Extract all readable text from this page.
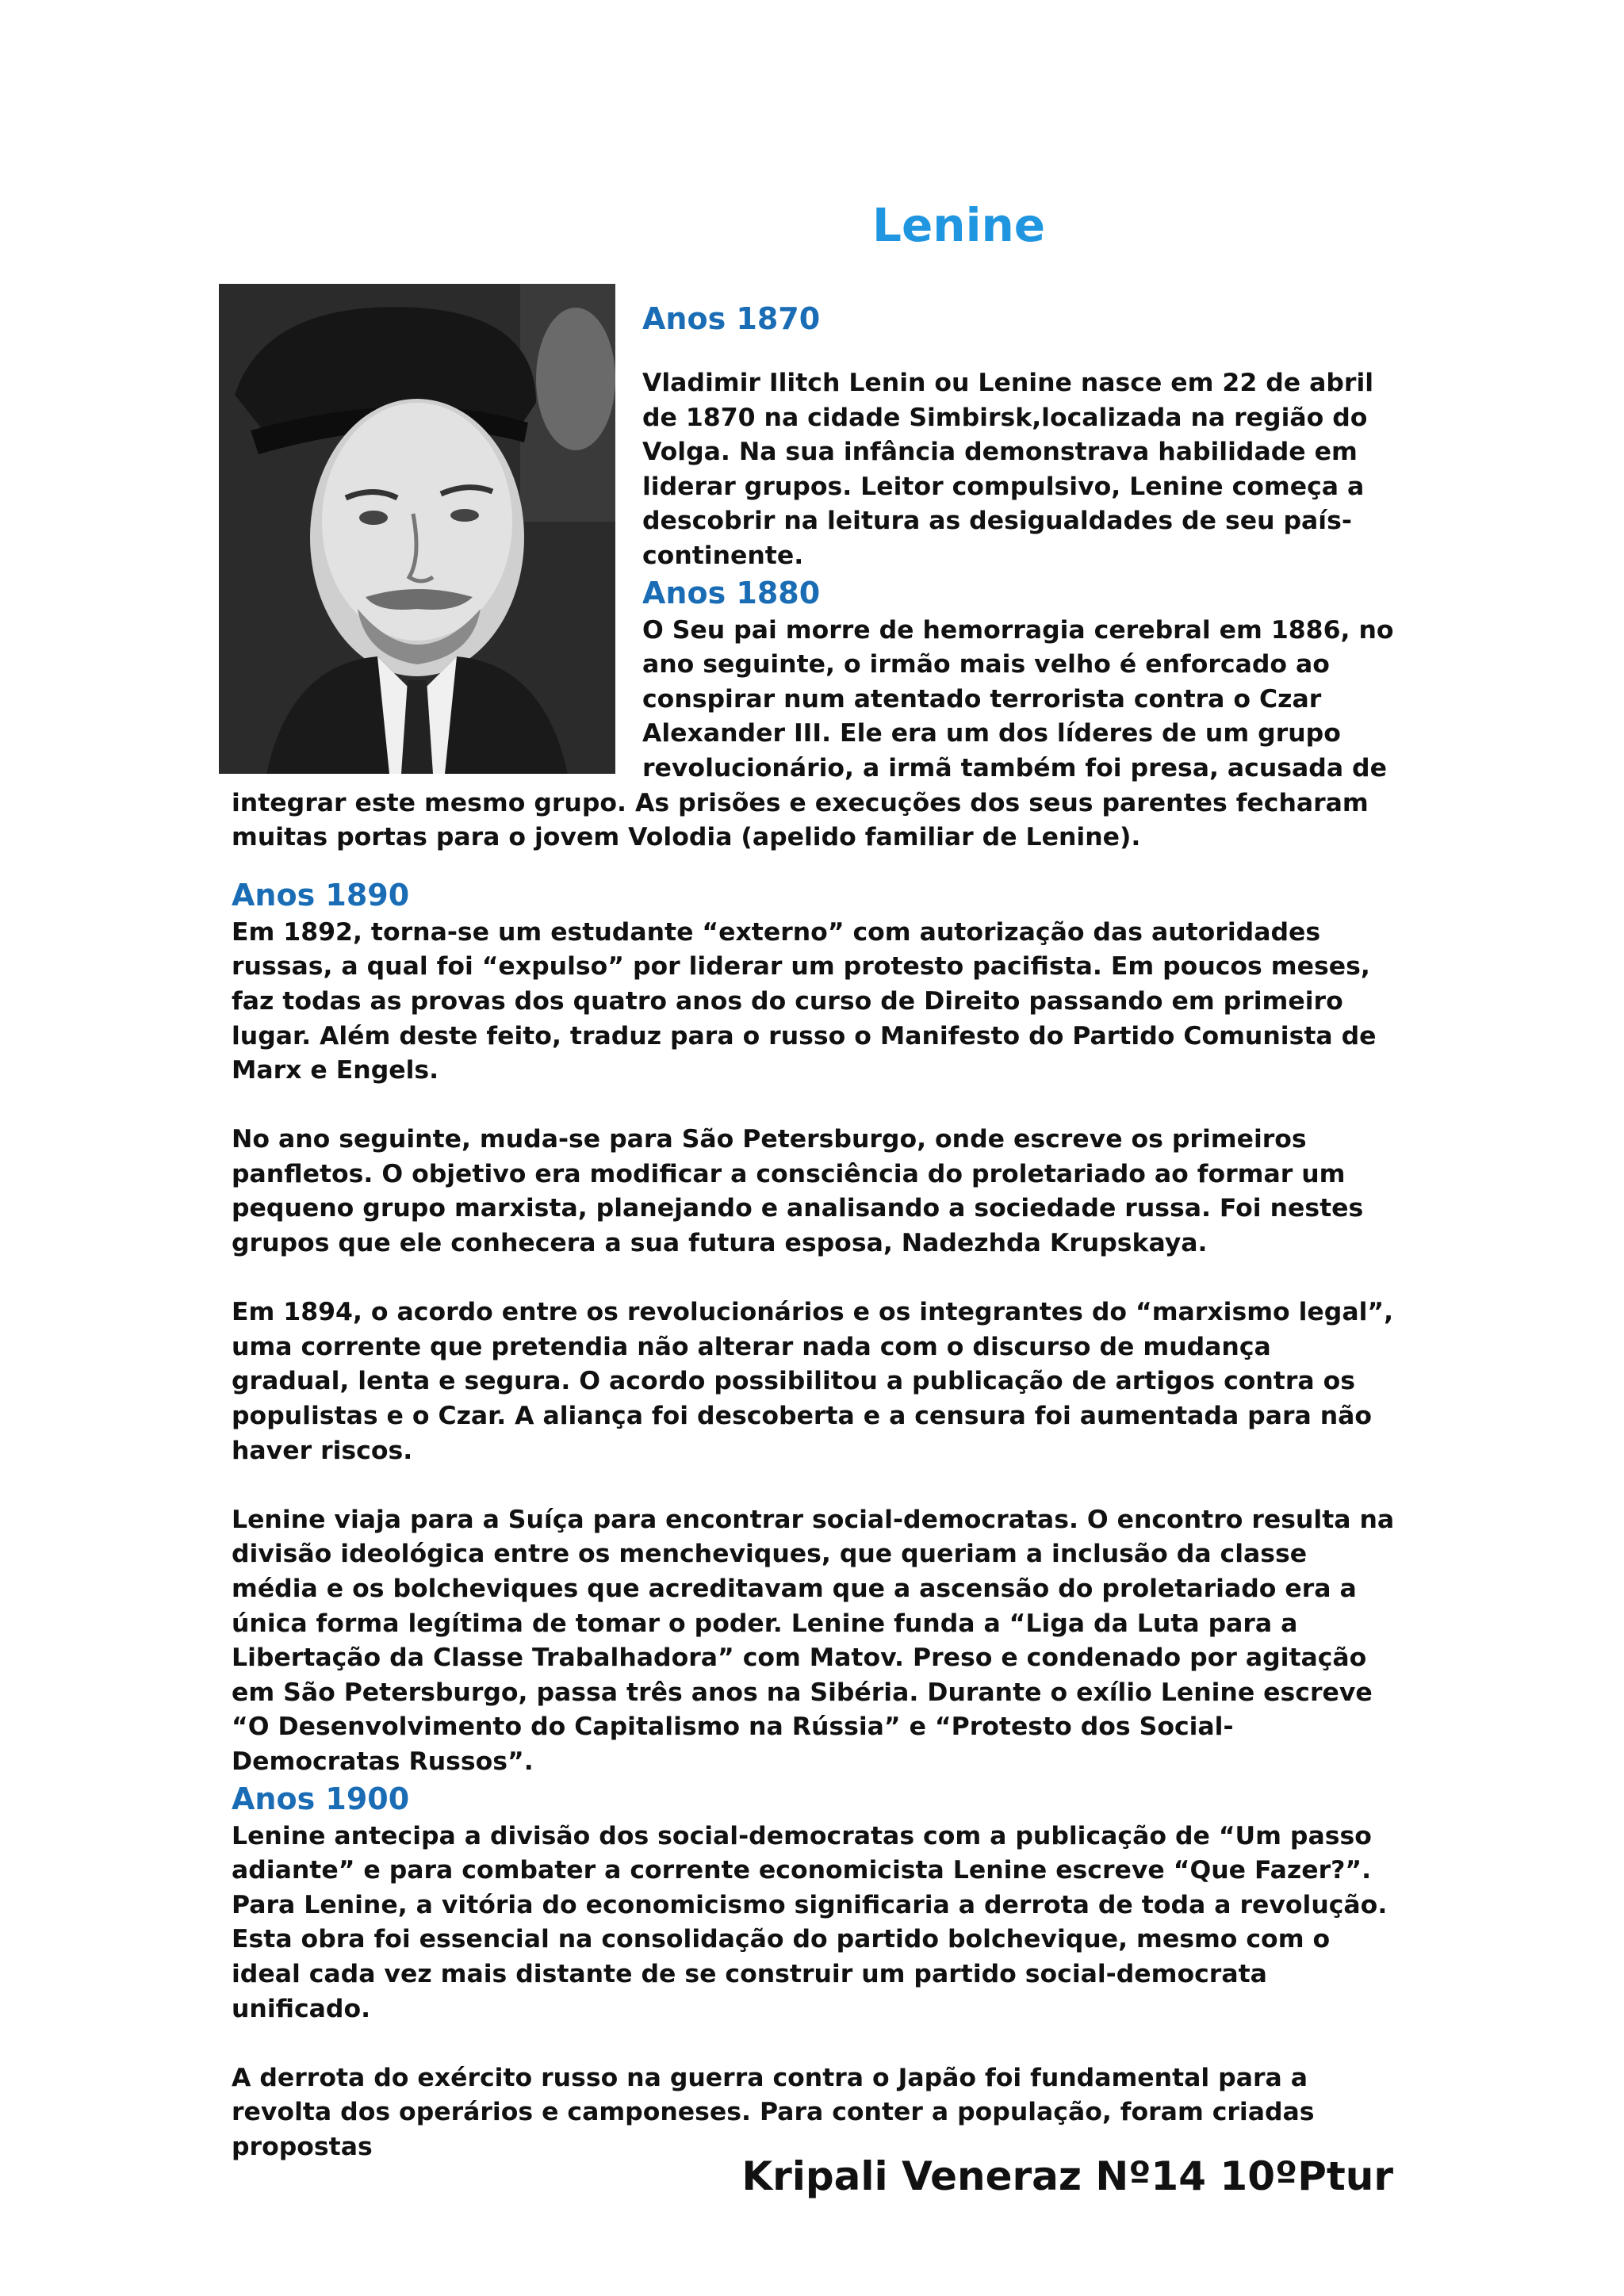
Lenine
Anos 1870

Vladimir Ilitch Lenin ou Lenine nasce em 22 de abril de 1870 na cidade Simbirsk,localizada na região do Volga. Na sua infância demonstrava habilidade em liderar grupos. Leitor compulsivo, Lenine começa a descobrir na leitura as desigualdades de seu país-continente.

Anos 1880

O Seu pai morre de hemorragia cerebral em 1886, no ano seguinte, o irmão mais velho é enforcado ao conspirar num atentado terrorista contra o Czar Alexander III. Ele era um dos líderes de um grupo revolucionário, a irmã também foi presa, acusada de integrar este mesmo grupo. As prisões e execuções dos seus parentes fecharam muitas portas para o jovem Volodia (apelido familiar de Lenine).

Anos 1890

Em 1892, torna-se um estudante “externo” com autorização das autoridades russas, a qual foi “expulso” por liderar um protesto pacifista. Em poucos meses, faz todas as provas dos quatro anos do curso de Direito passando em primeiro lugar. Além deste feito, traduz para o russo o Manifesto do Partido Comunista de Marx e Engels.

No ano seguinte, muda-se para São Petersburgo, onde escreve os primeiros panfletos. O objetivo era modificar a consciência do proletariado ao formar um pequeno grupo marxista, planejando e analisando a sociedade russa. Foi nestes grupos que ele conhecera a sua futura esposa, Nadezhda Krupskaya.

Em 1894, o acordo entre os revolucionários e os integrantes do “marxismo legal”, uma corrente que pretendia não alterar nada com o discurso de mudança gradual, lenta e segura. O acordo possibilitou a publicação de artigos contra os populistas e o Czar. A aliança foi descoberta e a censura foi aumentada para não haver riscos.

Lenine viaja para a Suíça para encontrar social-democratas. O encontro resulta na divisão ideológica entre os mencheviques, que queriam a inclusão da classe média e os bolcheviques que acreditavam que a ascensão do proletariado era a única forma legítima de tomar o poder. Lenine funda a “Liga da Luta para a Libertação da Classe Trabalhadora” com Matov. Preso e condenado por agitação em São Petersburgo, passa três anos na Sibéria. Durante o exílio Lenine escreve “O Desenvolvimento do Capitalismo na Rússia” e “Protesto dos Social-Democratas Russos”.

Anos 1900

Lenine antecipa a divisão dos social-democratas com a publicação de “Um passo adiante” e para combater a corrente economicista Lenine escreve “Que Fazer?”. Para Lenine, a vitória do economicismo significaria a derrota de toda a revolução. Esta obra foi essencial na consolidação do partido bolchevique, mesmo com o ideal cada vez mais distante de se construir um partido social-democrata unificado.

A derrota do exército russo na guerra contra o Japão foi fundamental para a revolta dos operários e camponeses. Para conter a população, foram criadas propostas

Kripali Veneraz Nº14 10ºPtur
